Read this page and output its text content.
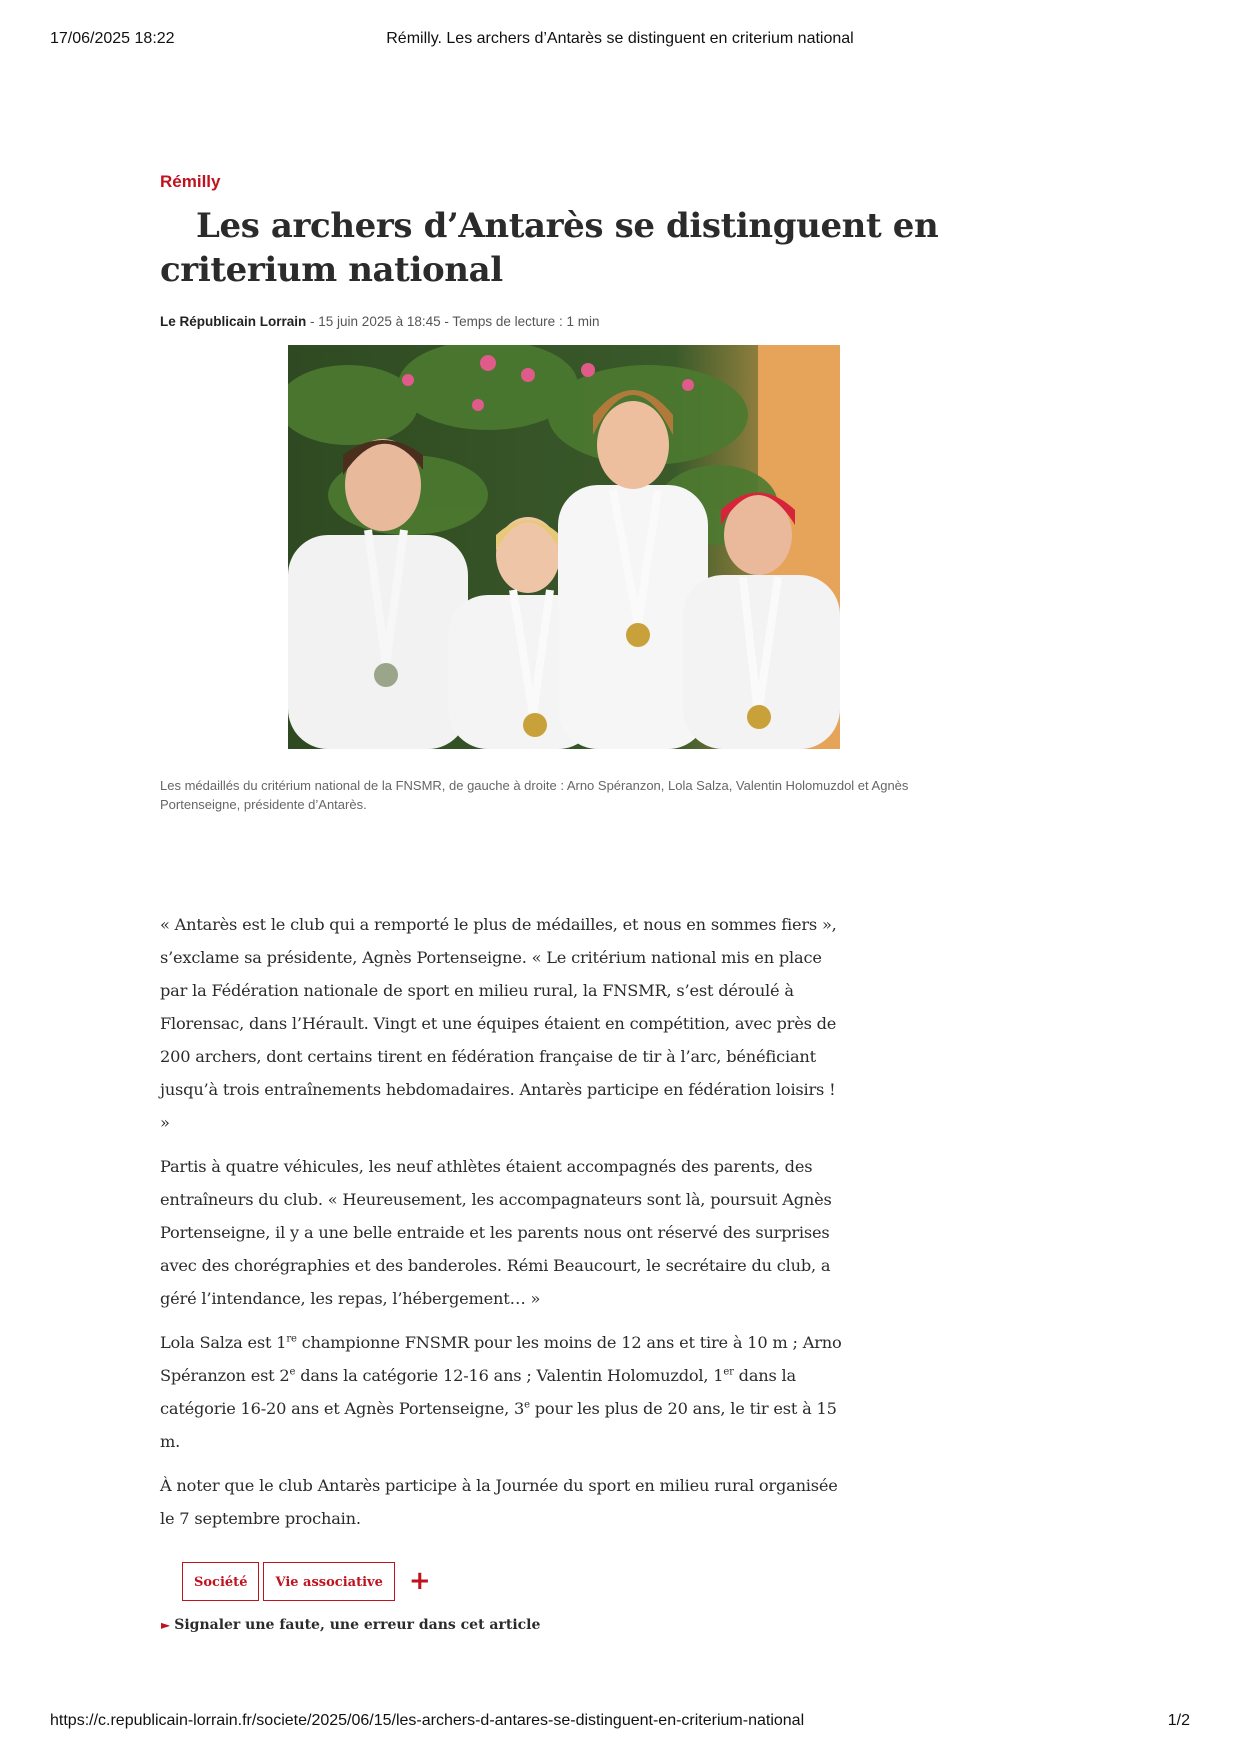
17/06/2025 18:22	Rémilly. Les archers d’Antarès se distinguent en criterium national

Rémilly

Les archers d’Antarès se distinguent en criterium national
Le Républicain Lorrain - 15 juin 2025 à 18:45 - Temps de lecture : 1 min

Les médaillés du critérium national de la FNSMR, de gauche à droite : Arno Spéranzon, Lola Salza, Valentin Holomuzdol et Agnès Portenseigne, présidente d’Antarès.

« Antarès est le club qui a remporté le plus de médailles, et nous en sommes fiers », s’exclame sa présidente, Agnès Portenseigne. « Le critérium national mis en place par la Fédération nationale de sport en milieu rural, la FNSMR, s’est déroulé à Florensac, dans l’Hérault. Vingt et une équipes étaient en compétition, avec près de 200 archers, dont certains tirent en fédération française de tir à l’arc, bénéficiant jusqu’à trois entraînements hebdomadaires. Antarès participe en fédération loisirs ! »

Partis à quatre véhicules, les neuf athlètes étaient accompagnés des parents, des entraîneurs du club. « Heureusement, les accompagnateurs sont là, poursuit Agnès Portenseigne, il y a une belle entraide et les parents nous ont réservé des surprises avec des chorégraphies et des banderoles. Rémi Beaucourt, le secrétaire du club, a géré l’intendance, les repas, l’hébergement… »

Lola Salza est 1re championne FNSMR pour les moins de 12 ans et tire à 10 m ; Arno Spéranzon est 2e dans la catégorie 12-16 ans ; Valentin Holomuzdol, 1er dans la catégorie 16-20 ans et Agnès Portenseigne, 3e pour les plus de 20 ans, le tir est à 15 m.

À noter que le club Antarès participe à la Journée du sport en milieu rural organisée le 7 septembre prochain.

Société	Vie associative	+
► Signaler une faute, une erreur dans cet article
https://c.republicain-lorrain.fr/societe/2025/06/15/les-archers-d-antares-se-distinguent-en-criterium-national	1/2
